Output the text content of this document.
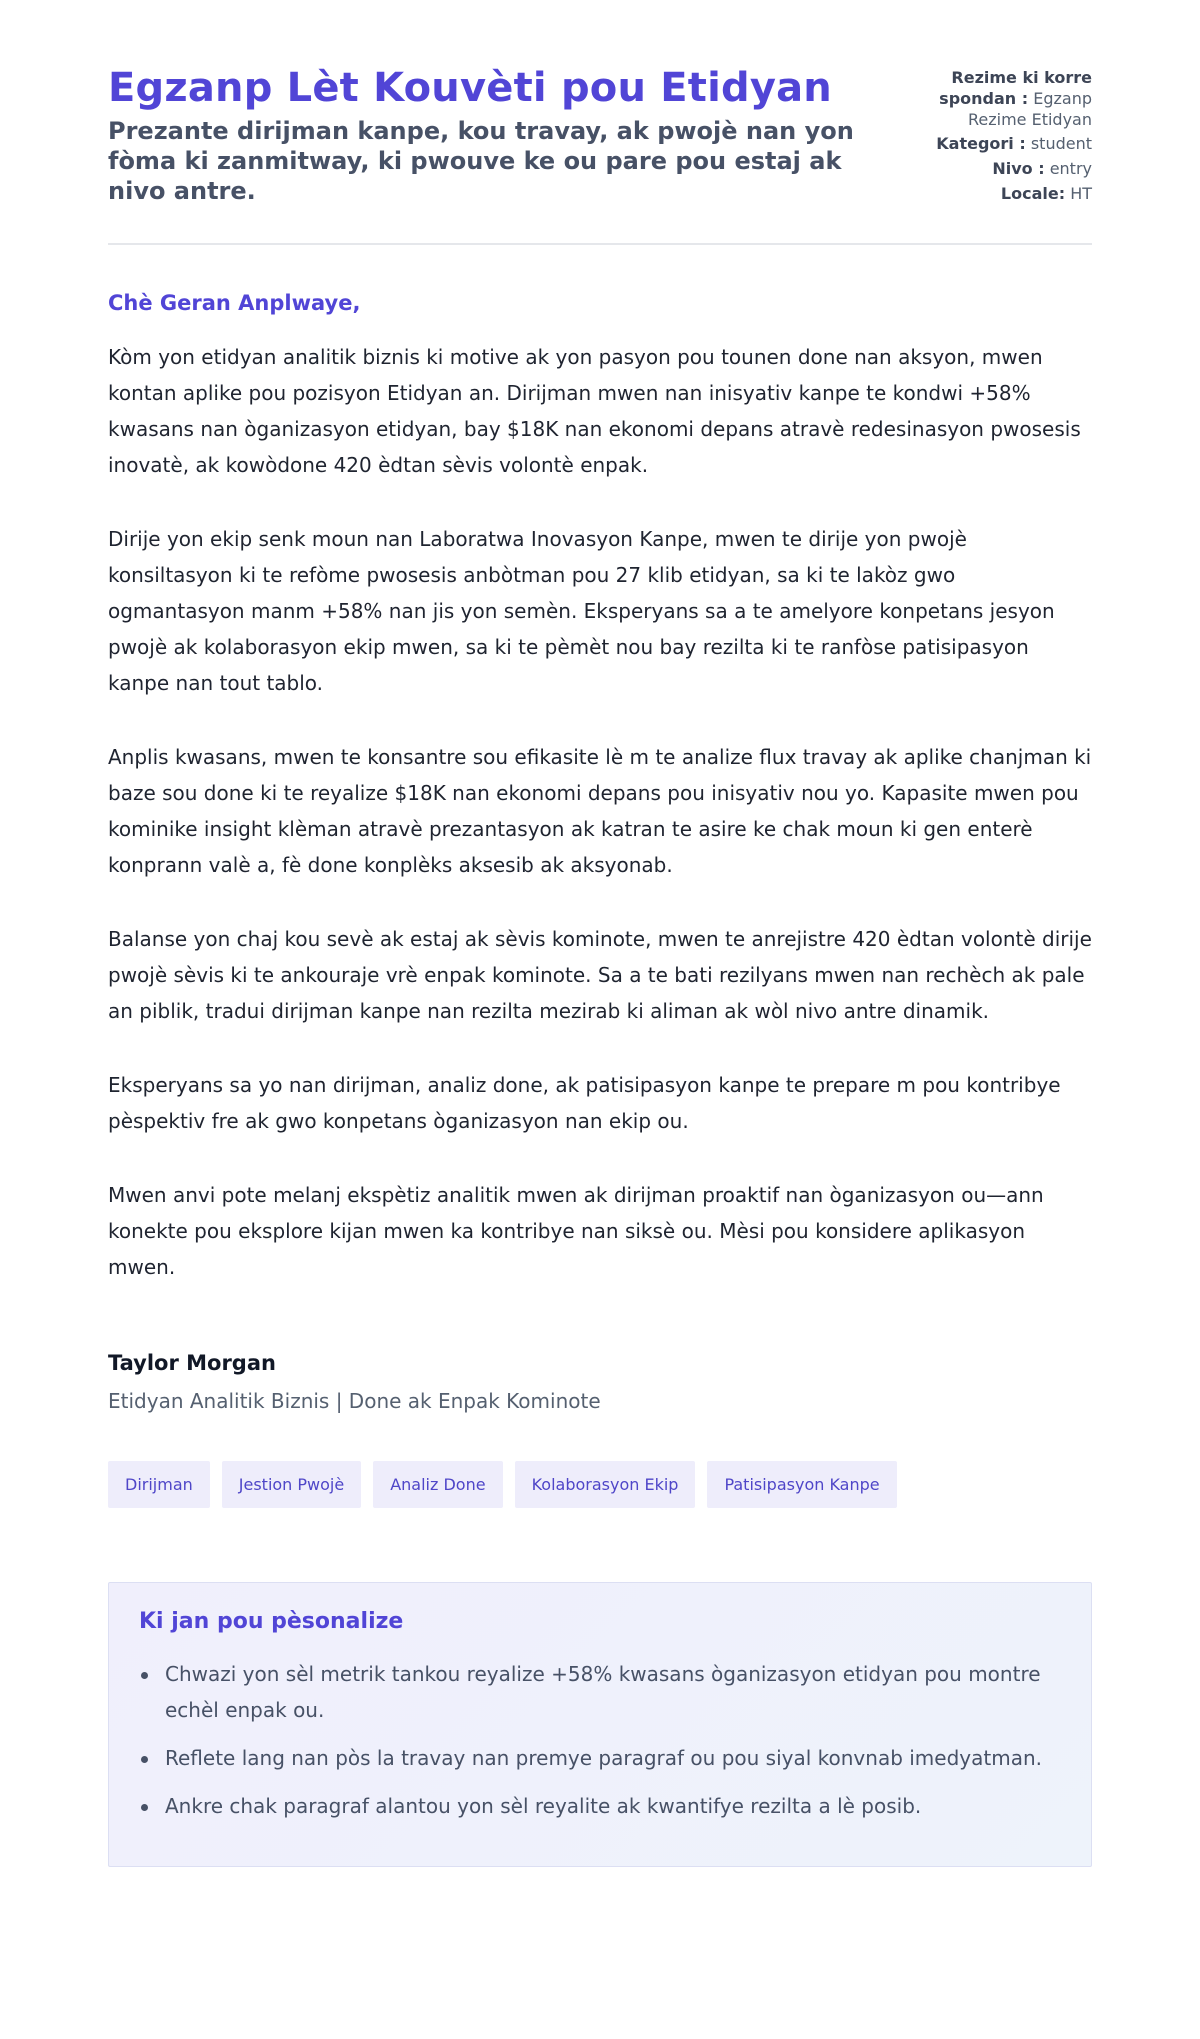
Egzanp Lèt Kouvèti pou Etidyan
Prezante dirijman kanpe, kou travay, ak pwojè nan yon fòma ki zanmitway, ki pwouve ke ou pare pou estaj ak nivo antre.
Rezime ki korre spondan : Egzanp Rezime Etidyan
Kategori : student
Nivo : entry
Locale: HT
Chè Geran Anplwaye,

Kòm yon etidyan analitik biznis ki motive ak yon pasyon pou tounen done nan aksyon, mwen kontan aplike pou pozisyon Etidyan an. Dirijman mwen nan inisyativ kanpe te kondwi +58% kwasans nan òganizasyon etidyan, bay $18K nan ekonomi depans atravè redesinasyon pwosesis inovatè, ak kowòdone 420 èdtan sèvis volontè enpak.

Dirije yon ekip senk moun nan Laboratwa Inovasyon Kanpe, mwen te dirije yon pwojè konsiltasyon ki te refòme pwosesis anbòtman pou 27 klib etidyan, sa ki te lakòz gwo ogmantasyon manm +58% nan jis yon semèn. Eksperyans sa a te amelyore konpetans jesyon pwojè ak kolaborasyon ekip mwen, sa ki te pèmèt nou bay rezilta ki te ranfòse patisipasyon kanpe nan tout tablo.

Anplis kwasans, mwen te konsantre sou efikasite lè m te analize flux travay ak aplike chanjman ki baze sou done ki te reyalize $18K nan ekonomi depans pou inisyativ nou yo. Kapasite mwen pou kominike insight klèman atravè prezantasyon ak katran te asire ke chak moun ki gen enterè konprann valè a, fè done konplèks aksesib ak aksyonab.

Balanse yon chaj kou sevè ak estaj ak sèvis kominote, mwen te anrejistre 420 èdtan volontè dirije pwojè sèvis ki te ankouraje vrè enpak kominote. Sa a te bati rezilyans mwen nan rechèch ak pale an piblik, tradui dirijman kanpe nan rezilta mezirab ki aliman ak wòl nivo antre dinamik.

Eksperyans sa yo nan dirijman, analiz done, ak patisipasyon kanpe te prepare m pou kontribye pèspektiv fre ak gwo konpetans òganizasyon nan ekip ou.

Mwen anvi pote melanj ekspètiz analitik mwen ak dirijman proaktif nan òganizasyon ou—ann konekte pou eksplore kijan mwen ka kontribye nan siksè ou. Mèsi pou konsidere aplikasyon mwen.

Taylor Morgan
Etidyan Analitik Biznis | Done ak Enpak Kominote
Dirijman	Jestion Pwojè	Analiz Done	Kolaborasyon Ekip	Patisipasyon Kanpe
Ki jan pou pèsonalize
Chwazi yon sèl metrik tankou reyalize +58% kwasans òganizasyon etidyan pou montre echèl enpak ou.
Reflete lang nan pòs la travay nan premye paragraf ou pou siyal konvnab imedyatman.
Ankre chak paragraf alantou yon sèl reyalite ak kwantifye rezilta a lè posib.
